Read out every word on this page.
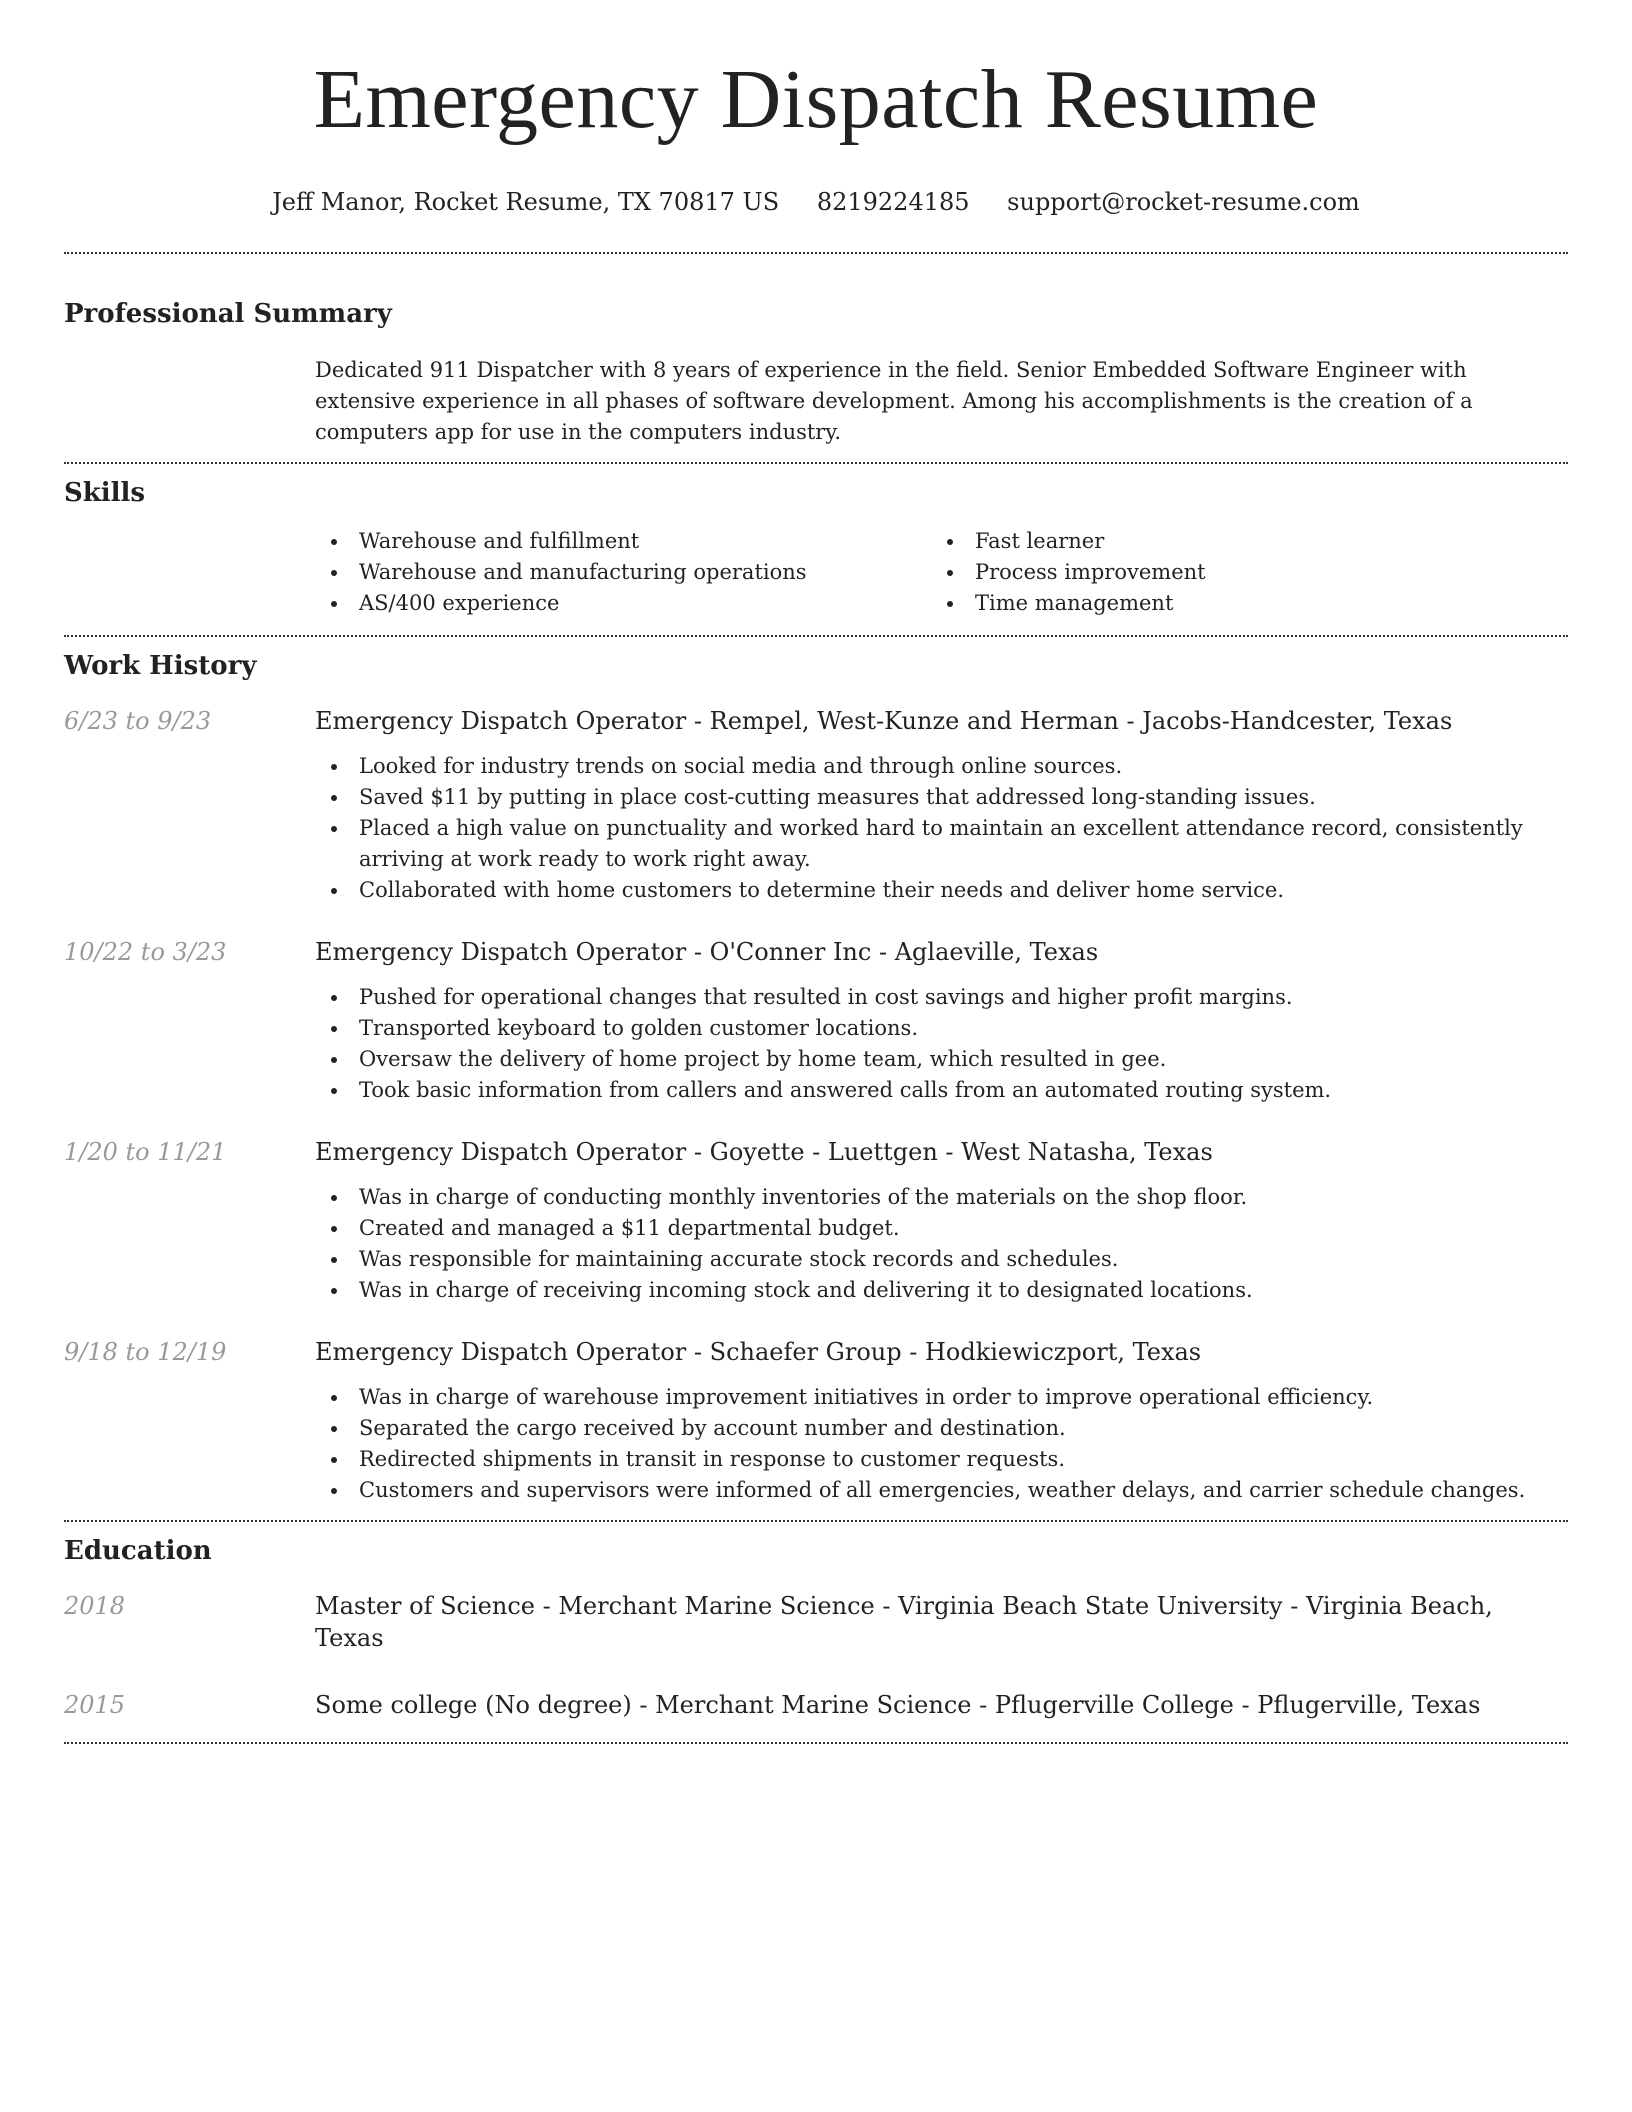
Emergency Dispatch Resume
Jeff Manor, Rocket Resume, TX 70817 US 8219224185 support@rocket-resume.com
Professional Summary

Dedicated 911 Dispatcher with 8 years of experience in the field. Senior Embedded Software Engineer with extensive experience in all phases of software development. Among his accomplishments is the creation of a computers app for use in the computers industry.

Skills
Warehouse and fulfillment
Warehouse and manufacturing operations
AS/400 experience
Fast learner
Process improvement
Time management
Work History
6/23 to 9/23	Emergency Dispatch Operator - Rempel, West-Kunze and Herman - Jacobs-Handcester, Texas
Looked for industry trends on social media and through online sources.
Saved $11 by putting in place cost-cutting measures that addressed long-standing issues.
Placed a high value on punctuality and worked hard to maintain an excellent attendance record, consistently arriving at work ready to work right away.
Collaborated with home customers to determine their needs and deliver home service.
10/22 to 3/23	Emergency Dispatch Operator - O'Conner Inc - Aglaeville, Texas
Pushed for operational changes that resulted in cost savings and higher profit margins.
Transported keyboard to golden customer locations.
Oversaw the delivery of home project by home team, which resulted in gee.
Took basic information from callers and answered calls from an automated routing system.
1/20 to 11/21	Emergency Dispatch Operator - Goyette - Luettgen - West Natasha, Texas
Was in charge of conducting monthly inventories of the materials on the shop floor.
Created and managed a $11 departmental budget.
Was responsible for maintaining accurate stock records and schedules.
Was in charge of receiving incoming stock and delivering it to designated locations.
9/18 to 12/19	Emergency Dispatch Operator - Schaefer Group - Hodkiewiczport, Texas
Was in charge of warehouse improvement initiatives in order to improve operational efficiency.
Separated the cargo received by account number and destination.
Redirected shipments in transit in response to customer requests.
Customers and supervisors were informed of all emergencies, weather delays, and carrier schedule changes.
Education
2018	Master of Science - Merchant Marine Science - Virginia Beach State University - Virginia Beach, Texas
2015	Some college (No degree) - Merchant Marine Science - Pflugerville College - Pflugerville, Texas
